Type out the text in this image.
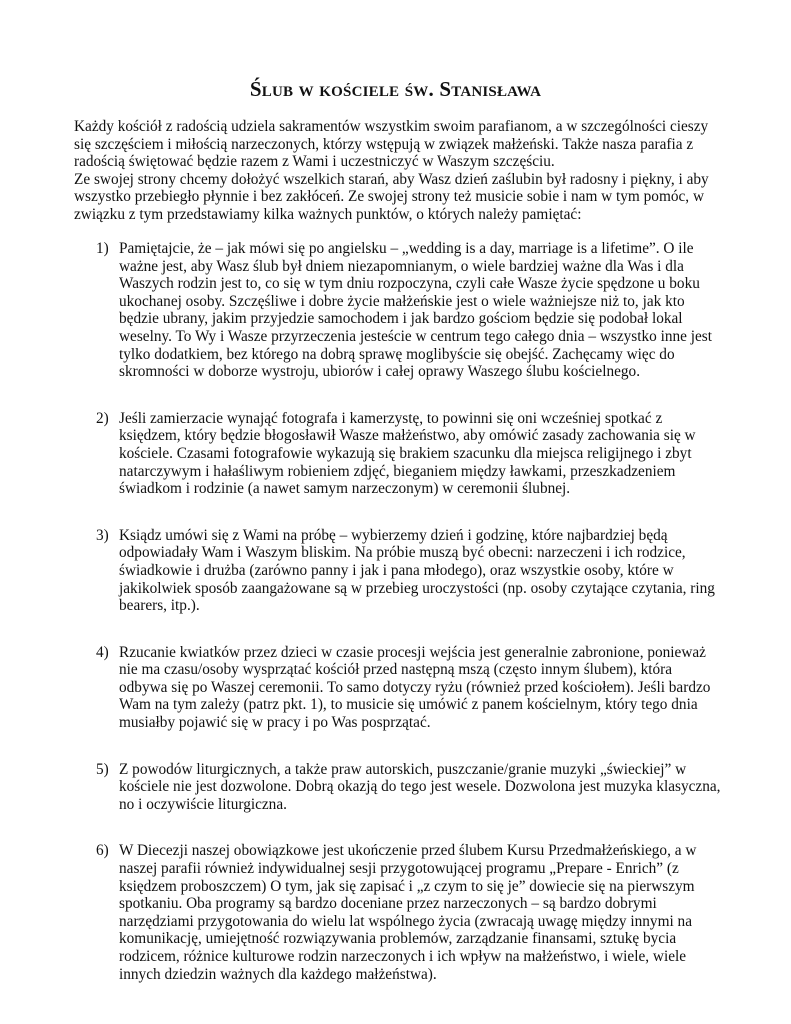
Ślub w kościele św. Stanisława

Każdy kościół z radością udziela sakramentów wszystkim swoim parafianom, a w szczególności cieszy się szczęściem i miłością narzeczonych, którzy wstępują w związek małżeński. Także nasza parafia z radością świętować będzie razem z Wami i uczestniczyć w Waszym szczęściu.

Ze swojej strony chcemy dołożyć wszelkich starań, aby Wasz dzień zaślubin był radosny i piękny, i aby wszystko przebiegło płynnie i bez zakłóceń. Ze swojej strony też musicie sobie i nam w tym pomóc, w związku z tym przedstawiamy kilka ważnych punktów, o których należy pamiętać:

1) Pamiętajcie, że – jak mówi się po angielsku – „wedding is a day, marriage is a lifetime”. O ile ważne jest, aby Wasz ślub był dniem niezapomnianym, o wiele bardziej ważne dla Was i dla Waszych rodzin jest to, co się w tym dniu rozpoczyna, czyli całe Wasze życie spędzone u boku ukochanej osoby. Szczęśliwe i dobre życie małżeńskie jest o wiele ważniejsze niż to, jak kto będzie ubrany, jakim przyjedzie samochodem i jak bardzo gościom będzie się podobał lokal weselny. To Wy i Wasze przyrzeczenia jesteście w centrum tego całego dnia – wszystko inne jest tylko dodatkiem, bez którego na dobrą sprawę moglibyście się obejść. Zachęcamy więc do skromności w doborze wystroju, ubiorów i całej oprawy Waszego ślubu kościelnego.

2) Jeśli zamierzacie wynająć fotografa i kamerzystę, to powinni się oni wcześniej spotkać z księdzem, który będzie błogosławił Wasze małżeństwo, aby omówić zasady zachowania się w kościele. Czasami fotografowie wykazują się brakiem szacunku dla miejsca religijnego i zbyt natarczywym i hałaśliwym robieniem zdjęć, bieganiem między ławkami, przeszkadzeniem świadkom i rodzinie (a nawet samym narzeczonym) w ceremonii ślubnej.

3) Ksiądz umówi się z Wami na próbę – wybierzemy dzień i godzinę, które najbardziej będą odpowiadały Wam i Waszym bliskim. Na próbie muszą być obecni: narzeczeni i ich rodzice, świadkowie i drużba (zarówno panny i jak i pana młodego), oraz wszystkie osoby, które w jakikolwiek sposób zaangażowane są w przebieg uroczystości (np. osoby czytające czytania, ring bearers, itp.).

4) Rzucanie kwiatków przez dzieci w czasie procesji wejścia jest generalnie zabronione, ponieważ nie ma czasu/osoby wysprzątać kościół przed następną mszą (często innym ślubem), która odbywa się po Waszej ceremonii. To samo dotyczy ryżu (również przed kościołem). Jeśli bardzo Wam na tym zależy (patrz pkt. 1), to musicie się umówić z panem kościelnym, który tego dnia musiałby pojawić się w pracy i po Was posprzątać.

5) Z powodów liturgicznych, a także praw autorskich, puszczanie/granie muzyki „świeckiej” w kościele nie jest dozwolone. Dobrą okazją do tego jest wesele. Dozwolona jest muzyka klasyczna, no i oczywiście liturgiczna.

6) W Diecezji naszej obowiązkowe jest ukończenie przed ślubem Kursu Przedmałżeńskiego, a w naszej parafii również indywidualnej sesji przygotowującej programu „Prepare - Enrich” (z księdzem proboszczem) O tym, jak się zapisać i „z czym to się je” dowiecie się na pierwszym spotkaniu. Oba programy są bardzo doceniane przez narzeczonych – są bardzo dobrymi narzędziami przygotowania do wielu lat wspólnego życia (zwracają uwagę między innymi na komunikację, umiejętność rozwiązywania problemów, zarządzanie finansami, sztukę bycia rodzicem, różnice kulturowe rodzin narzeczonych i ich wpływ na małżeństwo, i wiele, wiele innych dziedzin ważnych dla każdego małżeństwa).
